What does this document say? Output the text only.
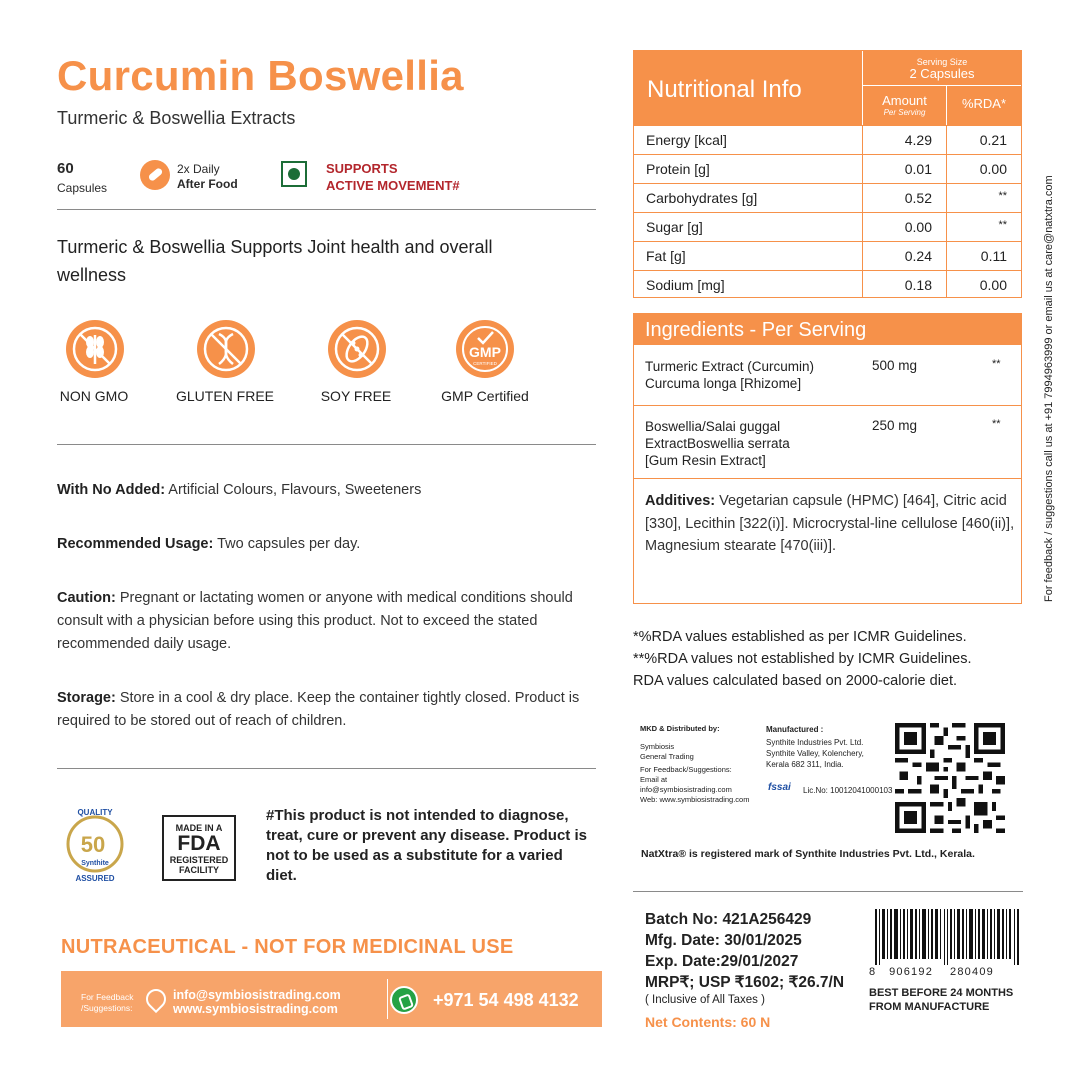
Curcumin Boswellia
Turmeric & Boswellia Extracts
60
Capsules
2x Daily
After Food
SUPPORTS
ACTIVE MOVEMENT#
Turmeric & Boswellia Supports Joint health and overall wellness
NON GMO	GLUTEN FREE	SOY FREE
GMP
CERTIFIED
GMP Certified
With No Added: Artificial Colours, Flavours, Sweeteners
Recommended Usage: Two capsules per day.
Caution: Pregnant or lactating women or anyone with medical conditions should consult with a physician before using this product. Not to exceed the stated recommended daily usage.
Storage: Store in a cool & dry place. Keep the container tightly closed. Product is required to be stored out of reach of children.
QUALITY
50
Synthite
ASSURED
MADE IN A
FDA
REGISTERED
FACILITY
#This product is not intended to diagnose, treat, cure or prevent any disease. Product is not to be used as a substitute for a varied diet.
NUTRACEUTICAL - NOT FOR MEDICINAL USE
For Feedback
/Suggestions:
info@symbiosistrading.com
www.symbiosistrading.com	+971 54 498 4132
Nutritional Info
Serving Size
2 Capsules
Amount
Per Serving
%RDA*
Energy [kcal]	4.29	0.21
Protein [g]	0.01	0.00
Carbohydrates [g]	0.52	**
Sugar [g]	0.00	**
Fat [g]	0.24	0.11
Sodium [mg]	0.18	0.00
Ingredients - Per Serving
Turmeric Extract (Curcumin)
Curcuma longa [Rhizome]
500 mg	**
Boswellia/Salai guggal
ExtractBoswellia serrata
[Gum Resin Extract]
250 mg	**
Additives: Vegetarian capsule (HPMC) [464], Citric acid [330], Lecithin [322(i)]. Microcrystal-line cellulose [460(ii)], Magnesium stearate [470(iii)].
*%RDA values established as per ICMR Guidelines.
**%RDA values not established by ICMR Guidelines.
RDA values calculated based on 2000-calorie diet.
MKD & Distributed by:
Symbiosis
General Trading
For Feedback/Suggestions:
Email at info@symbiosistrading.com
Web: www.symbiosistrading.com
Manufactured :
Synthite Industries Pvt. Ltd.
Synthite Valley, Kolenchery,
Kerala 682 311, India.
fssai Lic.No: 10012041000103
NatXtra® is registered mark of Synthite Industries Pvt. Ltd., Kerala.
Batch No: 421A256429
Mfg. Date: 30/01/2025
Exp. Date:29/01/2027
MRP₹; USP ₹1602; ₹26.7/N
( Inclusive of All Taxes )
Net Contents: 60 N
8 906192 280409
BEST BEFORE 24 MONTHS
FROM MANUFACTURE
For feedback / suggestions call us at +91 7994963999 or email us at care@natxtra.com
